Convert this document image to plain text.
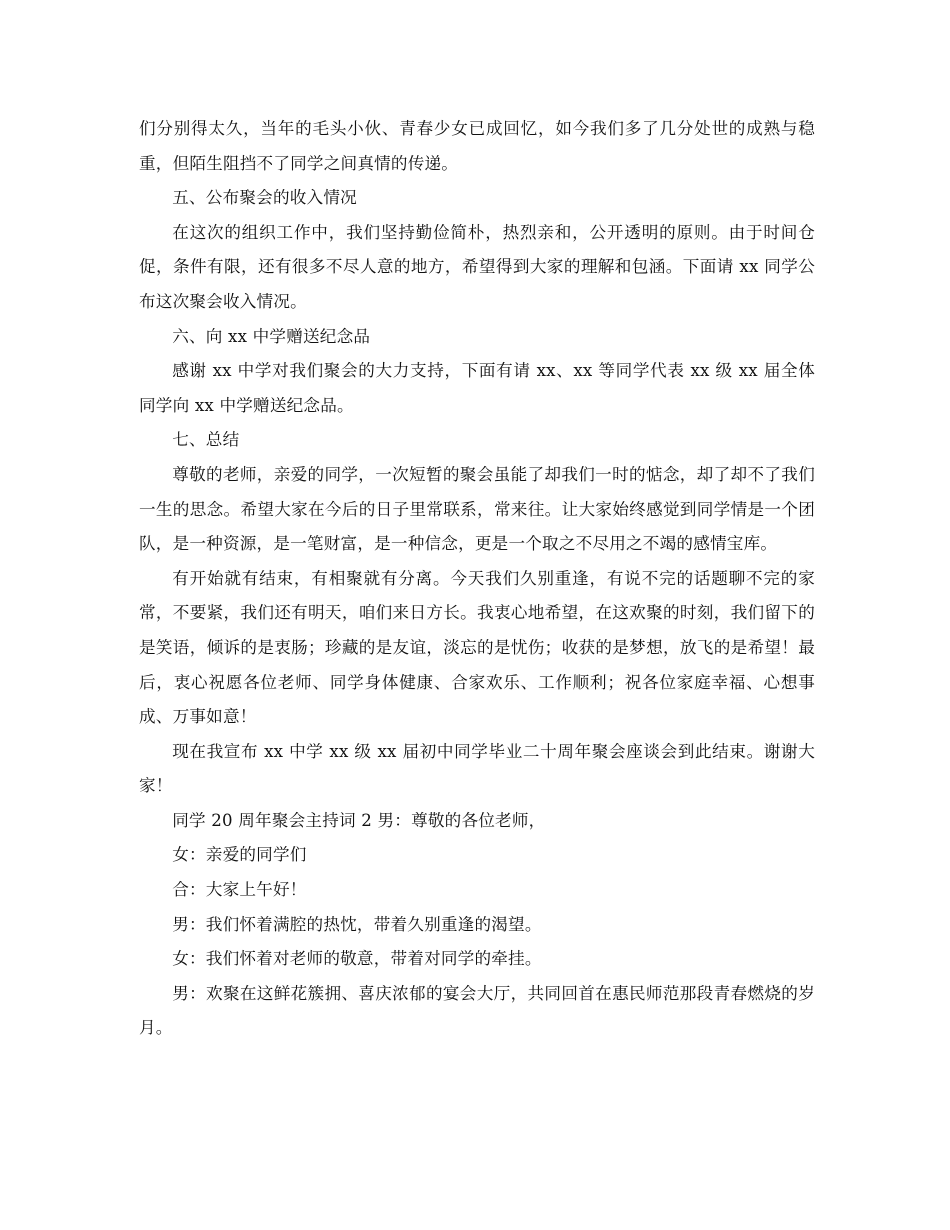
们分别得太久，当年的毛头小伙、青春少女已成回忆，如今我们多了几分处世的成熟与稳重，但陌生阻挡不了同学之间真情的传递。

五、公布聚会的收入情况

在这次的组织工作中，我们坚持勤俭简朴，热烈亲和，公开透明的原则。由于时间仓促，条件有限，还有很多不尽人意的地方，希望得到大家的理解和包涵。下面请 xx 同学公布这次聚会收入情况。

六、向 xx 中学赠送纪念品

感谢 xx 中学对我们聚会的大力支持，下面有请 xx、xx 等同学代表 xx 级 xx 届全体同学向 xx 中学赠送纪念品。

七、总结

尊敬的老师，亲爱的同学，一次短暂的聚会虽能了却我们一时的惦念，却了却不了我们一生的思念。希望大家在今后的日子里常联系，常来往。让大家始终感觉到同学情是一个团队，是一种资源，是一笔财富，是一种信念，更是一个取之不尽用之不竭的感情宝库。

有开始就有结束，有相聚就有分离。今天我们久别重逢，有说不完的话题聊不完的家常，不要紧，我们还有明天，咱们来日方长。我衷心地希望，在这欢聚的时刻，我们留下的是笑语，倾诉的是衷肠；珍藏的是友谊，淡忘的是忧伤；收获的是梦想，放飞的是希望！最后，衷心祝愿各位老师、同学身体健康、合家欢乐、工作顺利；祝各位家庭幸福、心想事成、万事如意！

现在我宣布 xx 中学 xx 级 xx 届初中同学毕业二十周年聚会座谈会到此结束。谢谢大家！

同学 20 周年聚会主持词 2 男：尊敬的各位老师，

女：亲爱的同学们

合：大家上午好！

男：我们怀着满腔的热忱，带着久别重逢的渴望。

女：我们怀着对老师的敬意，带着对同学的牵挂。

男：欢聚在这鲜花簇拥、喜庆浓郁的宴会大厅，共同回首在惠民师范那段青春燃烧的岁月。
